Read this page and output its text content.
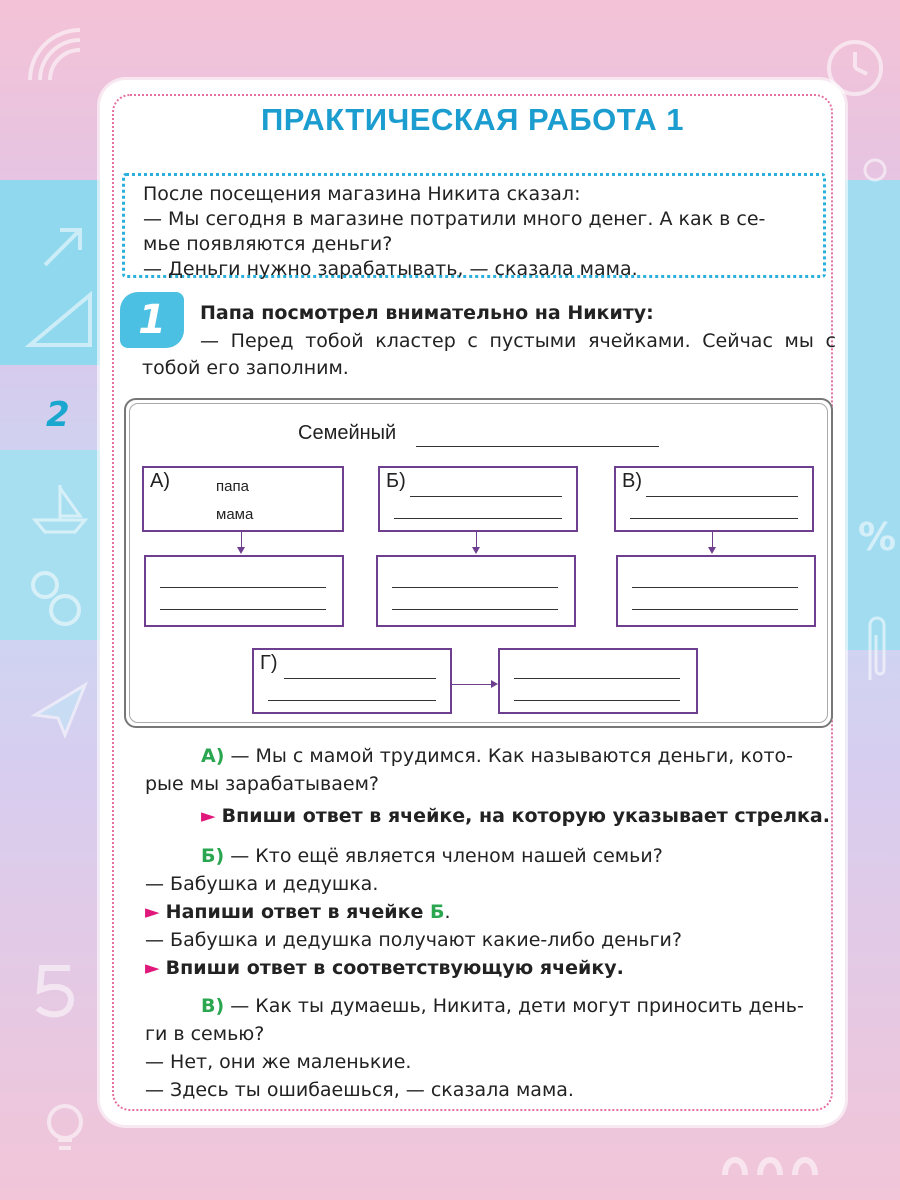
%
2
ПРАКТИЧЕСКАЯ РАБОТА 1
После посещения магазина Никита сказал:
— Мы сегодня в магазине потратили много денег. А как в се-
мье появляются деньги?
— Деньги нужно зарабатывать, — сказала мама.
1	Папа посмотрел внимательно на Никиту:
— Перед тобой кластер с пустыми ячейками. Сейчас мы с тобой его заполним.
Семейный
А)	папа
мама
Б)	В)
Г)
А) — Мы с мамой трудимся. Как называются деньги, кото-
рые мы зарабатываем?
► Впиши ответ в ячейке, на которую указывает стрелка.
Б) — Кто ещё является членом нашей семьи?
— Бабушка и дедушка.
► Напиши ответ в ячейке Б.
— Бабушка и дедушка получают какие-либо деньги?
► Впиши ответ в соответствующую ячейку.
В) — Как ты думаешь, Никита, дети могут приносить день-
ги в семью?
— Нет, они же маленькие.
— Здесь ты ошибаешься, — сказала мама.
